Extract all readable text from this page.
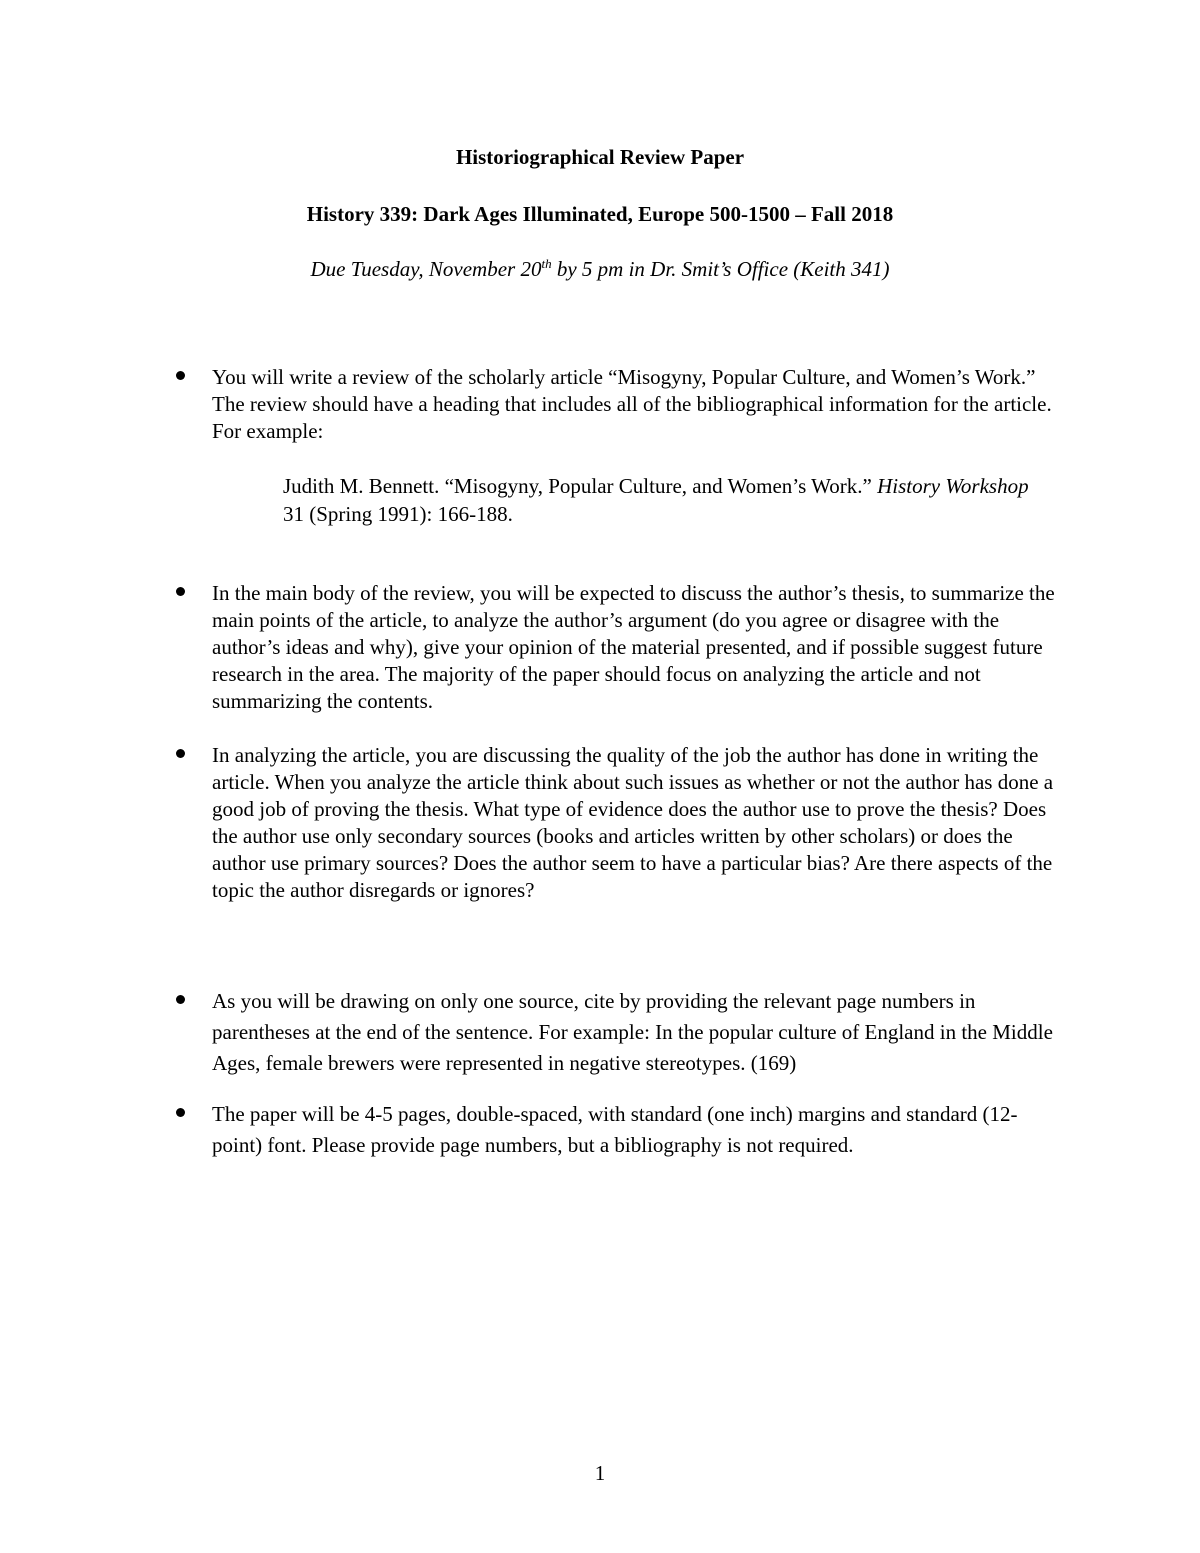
Historiographical Review Paper
History 339: Dark Ages Illuminated, Europe 500-1500 – Fall 2018
Due Tuesday, November 20th by 5 pm in Dr. Smit’s Office (Keith 341)
You will write a review of the scholarly article “Misogyny, Popular Culture, and Women’s Work.” The review should have a heading that includes all of the bibliographical information for the article. For example:
Judith M. Bennett. “Misogyny, Popular Culture, and Women’s Work.” History Workshop 31 (Spring 1991): 166-188.
In the main body of the review, you will be expected to discuss the author’s thesis, to summarize the main points of the article, to analyze the author’s argument (do you agree or disagree with the author’s ideas and why), give your opinion of the material presented, and if possible suggest future research in the area. The majority of the paper should focus on analyzing the article and not summarizing the contents.
In analyzing the article, you are discussing the quality of the job the author has done in writing the article. When you analyze the article think about such issues as whether or not the author has done a good job of proving the thesis. What type of evidence does the author use to prove the thesis? Does the author use only secondary sources (books and articles written by other scholars) or does the author use primary sources? Does the author seem to have a particular bias? Are there aspects of the topic the author disregards or ignores?
As you will be drawing on only one source, cite by providing the relevant page numbers in parentheses at the end of the sentence. For example: In the popular culture of England in the Middle Ages, female brewers were represented in negative stereotypes. (169)
The paper will be 4-5 pages, double-spaced, with standard (one inch) margins and standard (12-point) font. Please provide page numbers, but a bibliography is not required.
1
